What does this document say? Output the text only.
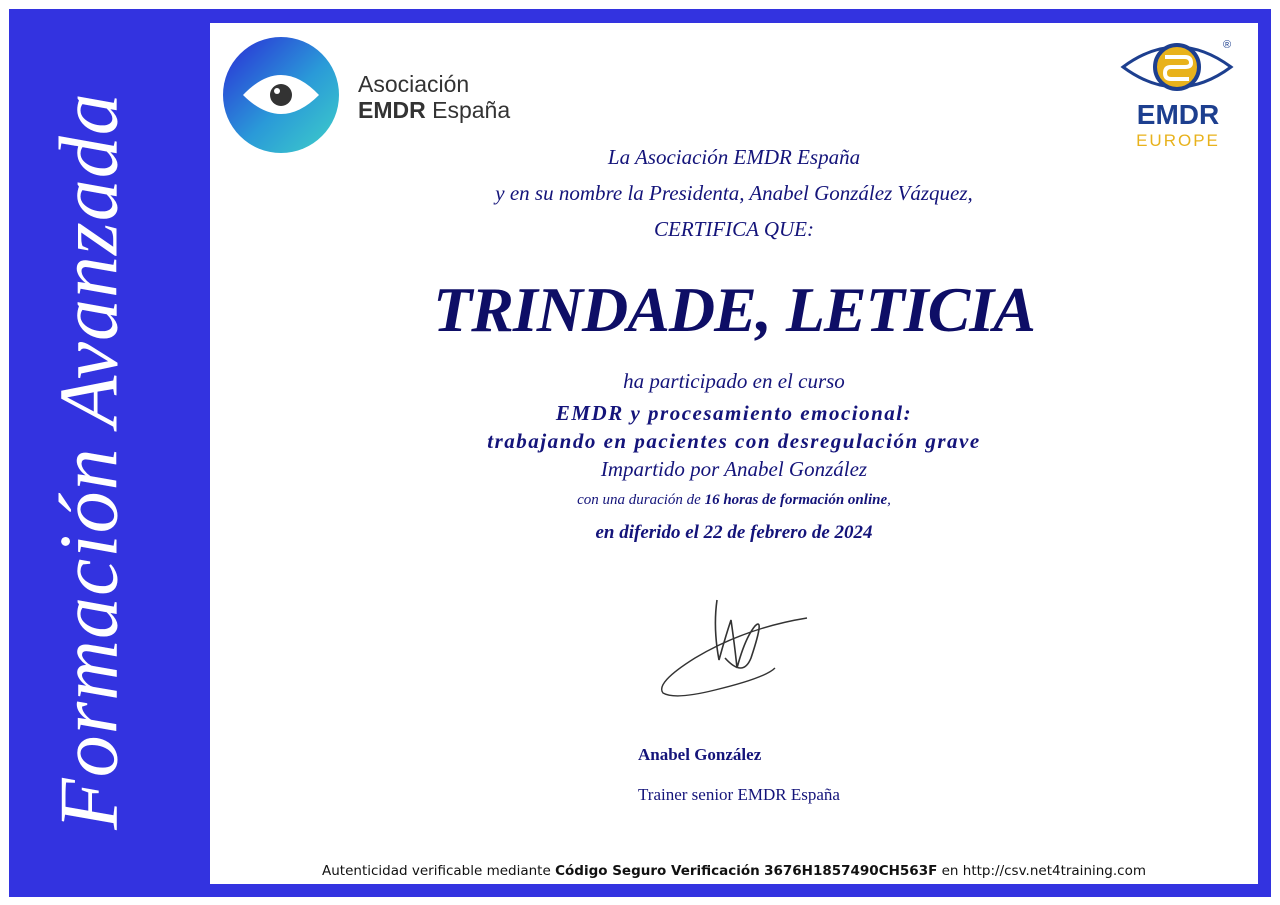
Formación Avanzada
Asociación
EMDR España
®
EMDR
EUROPE
La Asociación EMDR España
y en su nombre la Presidenta, Anabel González Vázquez,
CERTIFICA QUE:
TRINDADE, LETICIA
ha participado en el curso
EMDR y procesamiento emocional:
trabajando en pacientes con desregulación grave
Impartido por Anabel González
con una duración de 16 horas de formación online,
en diferido el 22 de febrero de 2024
Anabel González
Trainer senior EMDR España
Autenticidad verificable mediante Código Seguro Verificación 3676H1857490CH563F en http://csv.net4training.com
